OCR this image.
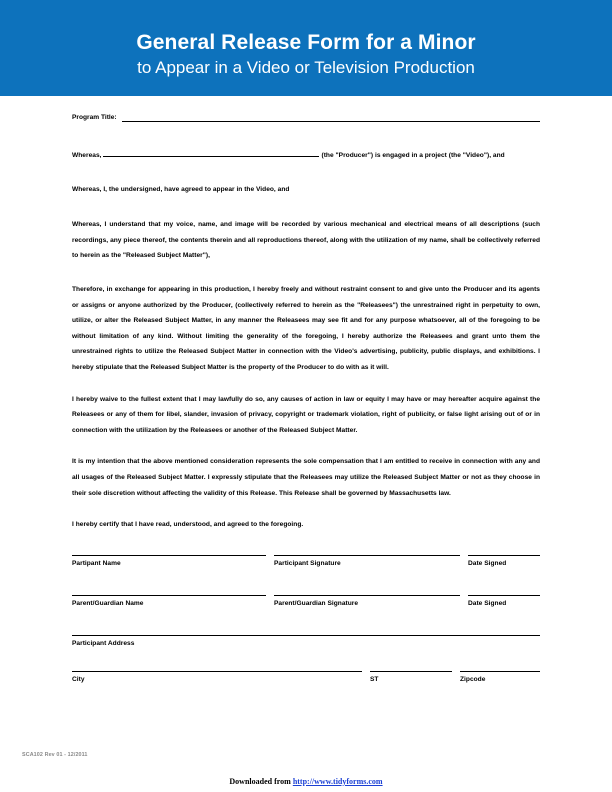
General Release Form for a Minor
to Appear in a Video or Television Production
Program Title:

Whereas,	(the "Producer") is engaged in a project (the "Video"), and

Whereas, I, the undersigned, have agreed to appear in the Video, and

Whereas, I understand that my voice, name, and image will be recorded by various mechanical and electrical means of all descriptions (such recordings, any piece thereof, the contents therein and all reproductions thereof, along with the utilization of my name, shall be collectively referred to herein as the "Released Subject Matter"),

Therefore, in exchange for appearing in this production, I hereby freely and without restraint consent to and give unto the Producer and its agents or assigns or anyone authorized by the Producer, (collectively referred to herein as the "Releasees") the unrestrained right in perpetuity to own, utilize, or alter the Released Subject Matter, in any manner the Releasees may see fit and for any purpose whatsoever, all of the foregoing to be without limitation of any kind. Without limiting the generality of the foregoing, I hereby authorize the Releasees and grant unto them the unrestrained rights to utilize the Released Subject Matter in connection with the Video's advertising, publicity, public displays, and exhibitions. I hereby stipulate that the Released Subject Matter is the property of the Producer to do with as it will.

I hereby waive to the fullest extent that I may lawfully do so, any causes of action in law or equity I may have or may hereafter acquire against the Releasees or any of them for libel, slander, invasion of privacy, copyright or trademark violation, right of publicity, or false light arising out of or in connection with the utilization by the Releasees or another of the Released Subject Matter.

It is my intention that the above mentioned consideration represents the sole compensation that I am entitled to receive in connection with any and all usages of the Released Subject Matter. I expressly stipulate that the Releasees may utilize the Released Subject Matter or not as they choose in their sole discretion without affecting the validity of this Release. This Release shall be governed by Massachusetts law.

I hereby certify that I have read, understood, and agreed to the foregoing.

Partipant Name	Participant Signature	Date Signed
Parent/Guardian Name	Parent/Guardian Signature	Date Signed
Participant Address
City	ST	Zipcode
SCA102 Rev 01 - 12/2011
Downloaded from http://www.tidyforms.com
